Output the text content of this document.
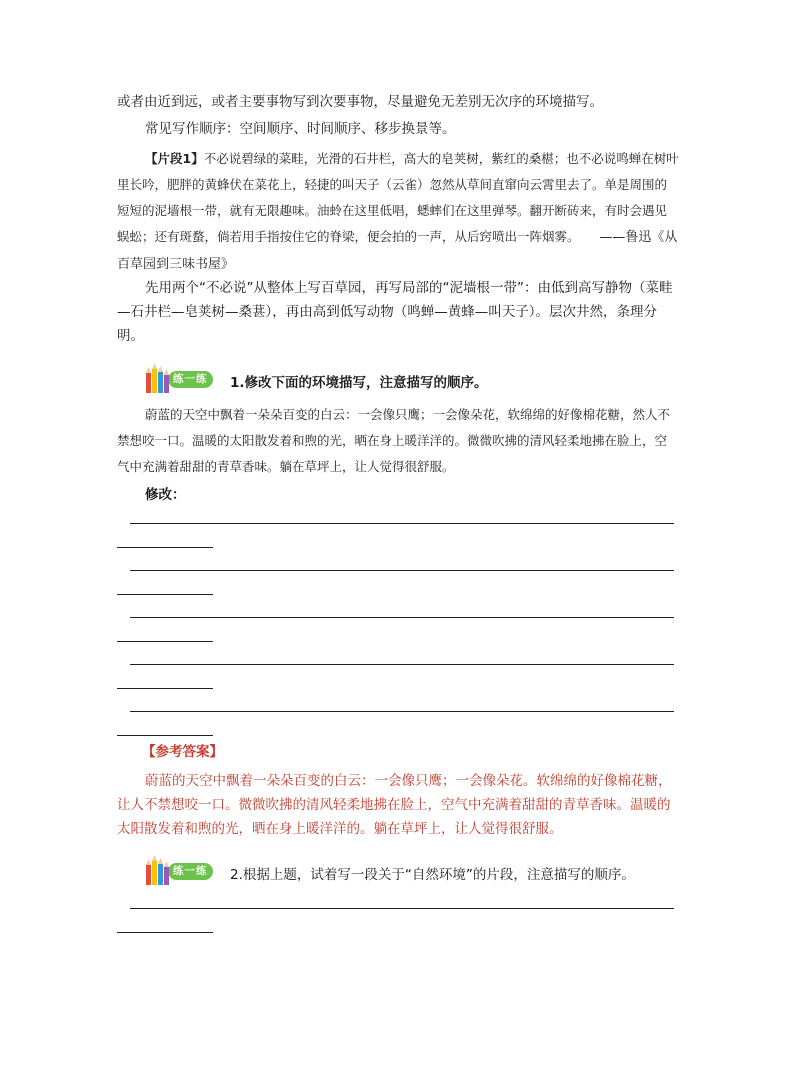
或者由近到远，或者主要事物写到次要事物，尽量避免无差别无次序的环境描写。

常见写作顺序：空间顺序、时间顺序、移步换景等。

【片段1】不必说碧绿的菜畦，光滑的石井栏，高大的皂荚树，紫红的桑椹；也不必说鸣蝉在树叶里长吟，肥胖的黄蜂伏在菜花上，轻捷的叫天子（云雀）忽然从草间直窜向云霄里去了。单是周围的短短的泥墙根一带，就有无限趣味。油蛉在这里低唱，蟋蟀们在这里弹琴。翻开断砖来，有时会遇见蜈蚣；还有斑蝥，倘若用手指按住它的脊梁，便会拍的一声，从后窍喷出一阵烟雾。 ——鲁迅《从百草园到三味书屋》

先用两个“不必说”从整体上写百草园，再写局部的“泥墙根一带”：由低到高写静物（菜畦—石井栏—皂荚树—桑葚），再由高到低写动物（鸣蝉—黄蜂—叫天子）。层次井然，条理分明。

练一练	1.修改下面的环境描写，注意描写的顺序。

蔚蓝的天空中飘着一朵朵百变的白云：一会像只鹰；一会像朵花，软绵绵的好像棉花糖，然人不禁想咬一口。温暖的太阳散发着和煦的光，晒在身上暖洋洋的。微微吹拂的清风轻柔地拂在脸上，空气中充满着甜甜的青草香味。躺在草坪上，让人觉得很舒服。

修改：

【参考答案】

蔚蓝的天空中飘着一朵朵百变的白云：一会像只鹰；一会像朵花。软绵绵的好像棉花糖，让人不禁想咬一口。微微吹拂的清风轻柔地拂在脸上，空气中充满着甜甜的青草香味。温暖的太阳散发着和煦的光，晒在身上暖洋洋的。躺在草坪上，让人觉得很舒服。

练一练	2.根据上题，试着写一段关于“自然环境”的片段，注意描写的顺序。
